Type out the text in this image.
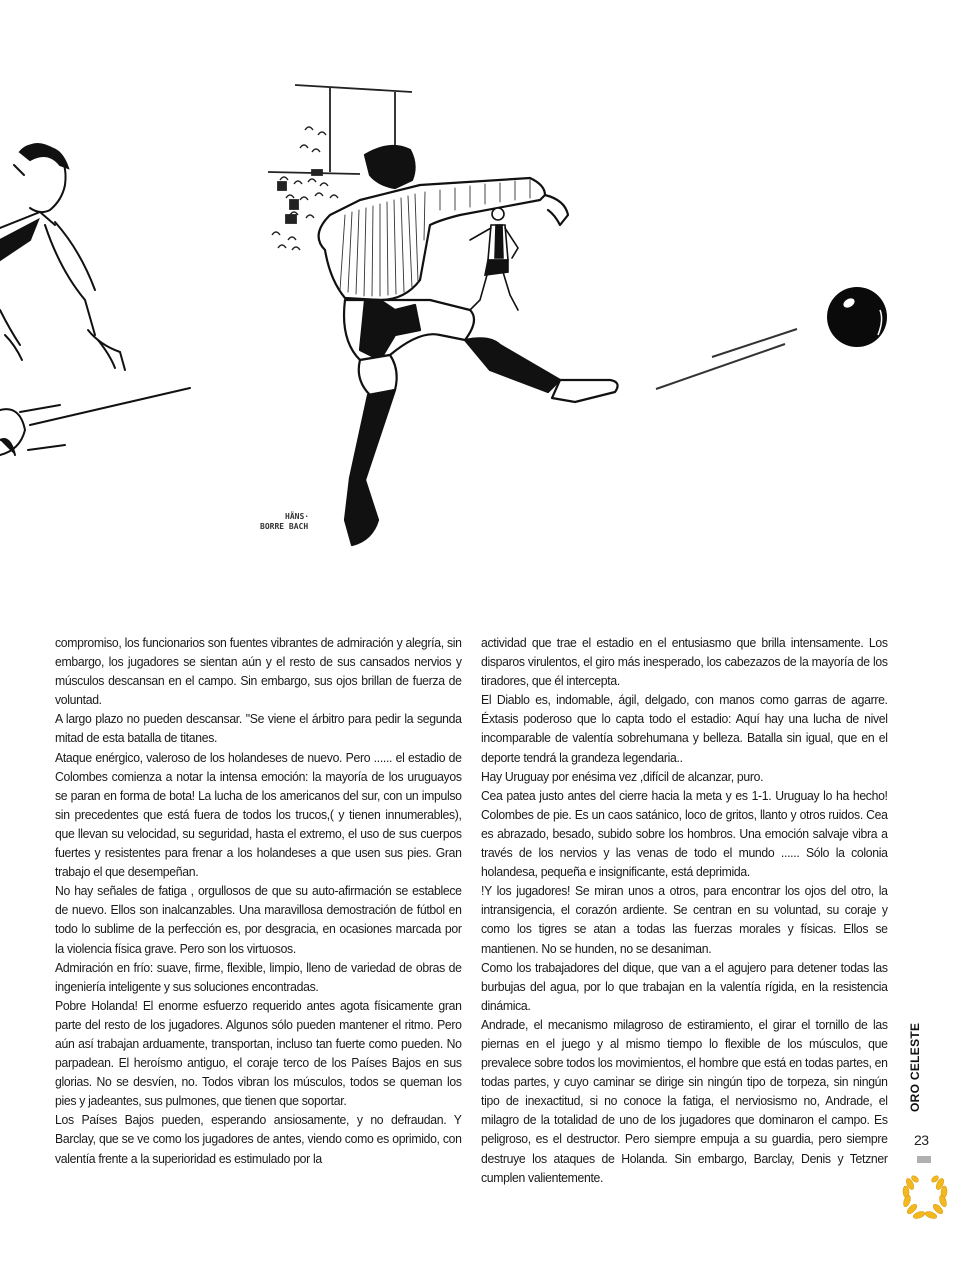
HÄNS·
BORRE BACH

compromiso, los funcionarios son fuentes vibrantes de admiración y alegría, sin embargo, los jugadores se sientan aún y el resto de sus cansados nervios y músculos descansan en el campo. Sin embargo, sus ojos brillan de fuerza de voluntad.

A largo plazo no pueden descansar. "Se viene el árbitro para pedir la segunda mitad de esta batalla de titanes.

Ataque enérgico, valeroso de los holandeses de nuevo. Pero ...... el estadio de Colombes comienza a notar la intensa emoción: la mayoría de los uruguayos se paran en forma de bota! La lucha de los americanos del sur, con un impulso sin precedentes que está fuera de todos los trucos,( y tienen innumerables), que llevan su velocidad, su seguridad, hasta el extremo, el uso de sus cuerpos fuertes y resistentes para frenar a los holandeses a que usen sus pies. Gran trabajo el que desempeñan.

No hay señales de fatiga , orgullosos de que su auto-afirmación se establece de nuevo. Ellos son inalcanzables. Una maravillosa demostración de fútbol en todo lo sublime de la perfección es, por desgracia, en ocasiones marcada por la violencia física grave. Pero son los virtuosos.

Admiración en frío: suave, firme, flexible, limpio, lleno de variedad de obras de ingeniería inteligente y sus soluciones encontradas.

Pobre Holanda! El enorme esfuerzo requerido antes agota físicamente gran parte del resto de los jugadores. Algunos sólo pueden mantener el ritmo. Pero aún así trabajan arduamente, transportan, incluso tan fuerte como pueden. No parpadean. El heroísmo antiguo, el coraje terco de los Países Bajos en sus glorias. No se desvíen, no. Todos vibran los músculos, todos se queman los pies y jadeantes, sus pulmones, que tienen que soportar.

Los Países Bajos pueden, esperando ansiosamente, y no defraudan. Y Barclay, que se ve como los jugadores de antes, viendo como es oprimido, con valentía frente a la superioridad es estimulado por la

actividad que trae el estadio en el entusiasmo que brilla intensamente. Los disparos virulentos, el giro más inesperado, los cabezazos de la mayoría de los tiradores, que él intercepta.

El Diablo es, indomable, ágil, delgado, con manos como garras de agarre. Éxtasis poderoso que lo capta todo el estadio: Aquí hay una lucha de nivel incomparable de valentía sobrehumana y belleza. Batalla sin igual, que en el deporte tendrá la grandeza legendaria..

Hay Uruguay por enésima vez ,difícil de alcanzar, puro.

Cea patea justo antes del cierre hacia la meta y es 1-1. Uruguay lo ha hecho! Colombes de pie. Es un caos satánico, loco de gritos, llanto y otros ruidos. Cea es abrazado, besado, subido sobre los hombros. Una emoción salvaje vibra a través de los nervios y las venas de todo el mundo ...... Sólo la colonia holandesa, pequeña e insignificante, está deprimida.

!Y los jugadores! Se miran unos a otros, para encontrar los ojos del otro, la intransigencia, el corazón ardiente. Se centran en su voluntad, su coraje y como los tigres se atan a todas las fuerzas morales y físicas. Ellos se mantienen. No se hunden, no se desaniman.

Como los trabajadores del dique, que van a el agujero para detener todas las burbujas del agua, por lo que trabajan en la valentía rígida, en la resistencia dinámica.

Andrade, el mecanismo milagroso de estiramiento, el girar el tornillo de las piernas en el juego y al mismo tiempo lo flexible de los músculos, que prevalece sobre todos los movimientos, el hombre que está en todas partes, en todas partes, y cuyo caminar se dirige sin ningún tipo de torpeza, sin ningún tipo de inexactitud, si no conoce la fatiga, el nerviosismo no, Andrade, el milagro de la totalidad de uno de los jugadores que dominaron el campo. Es peligroso, es el destructor. Pero siempre empuja a su guardia, pero siempre destruye los ataques de Holanda. Sin embargo, Barclay, Denis y Tetzner cumplen valientemente.

ORO CELESTE
23
